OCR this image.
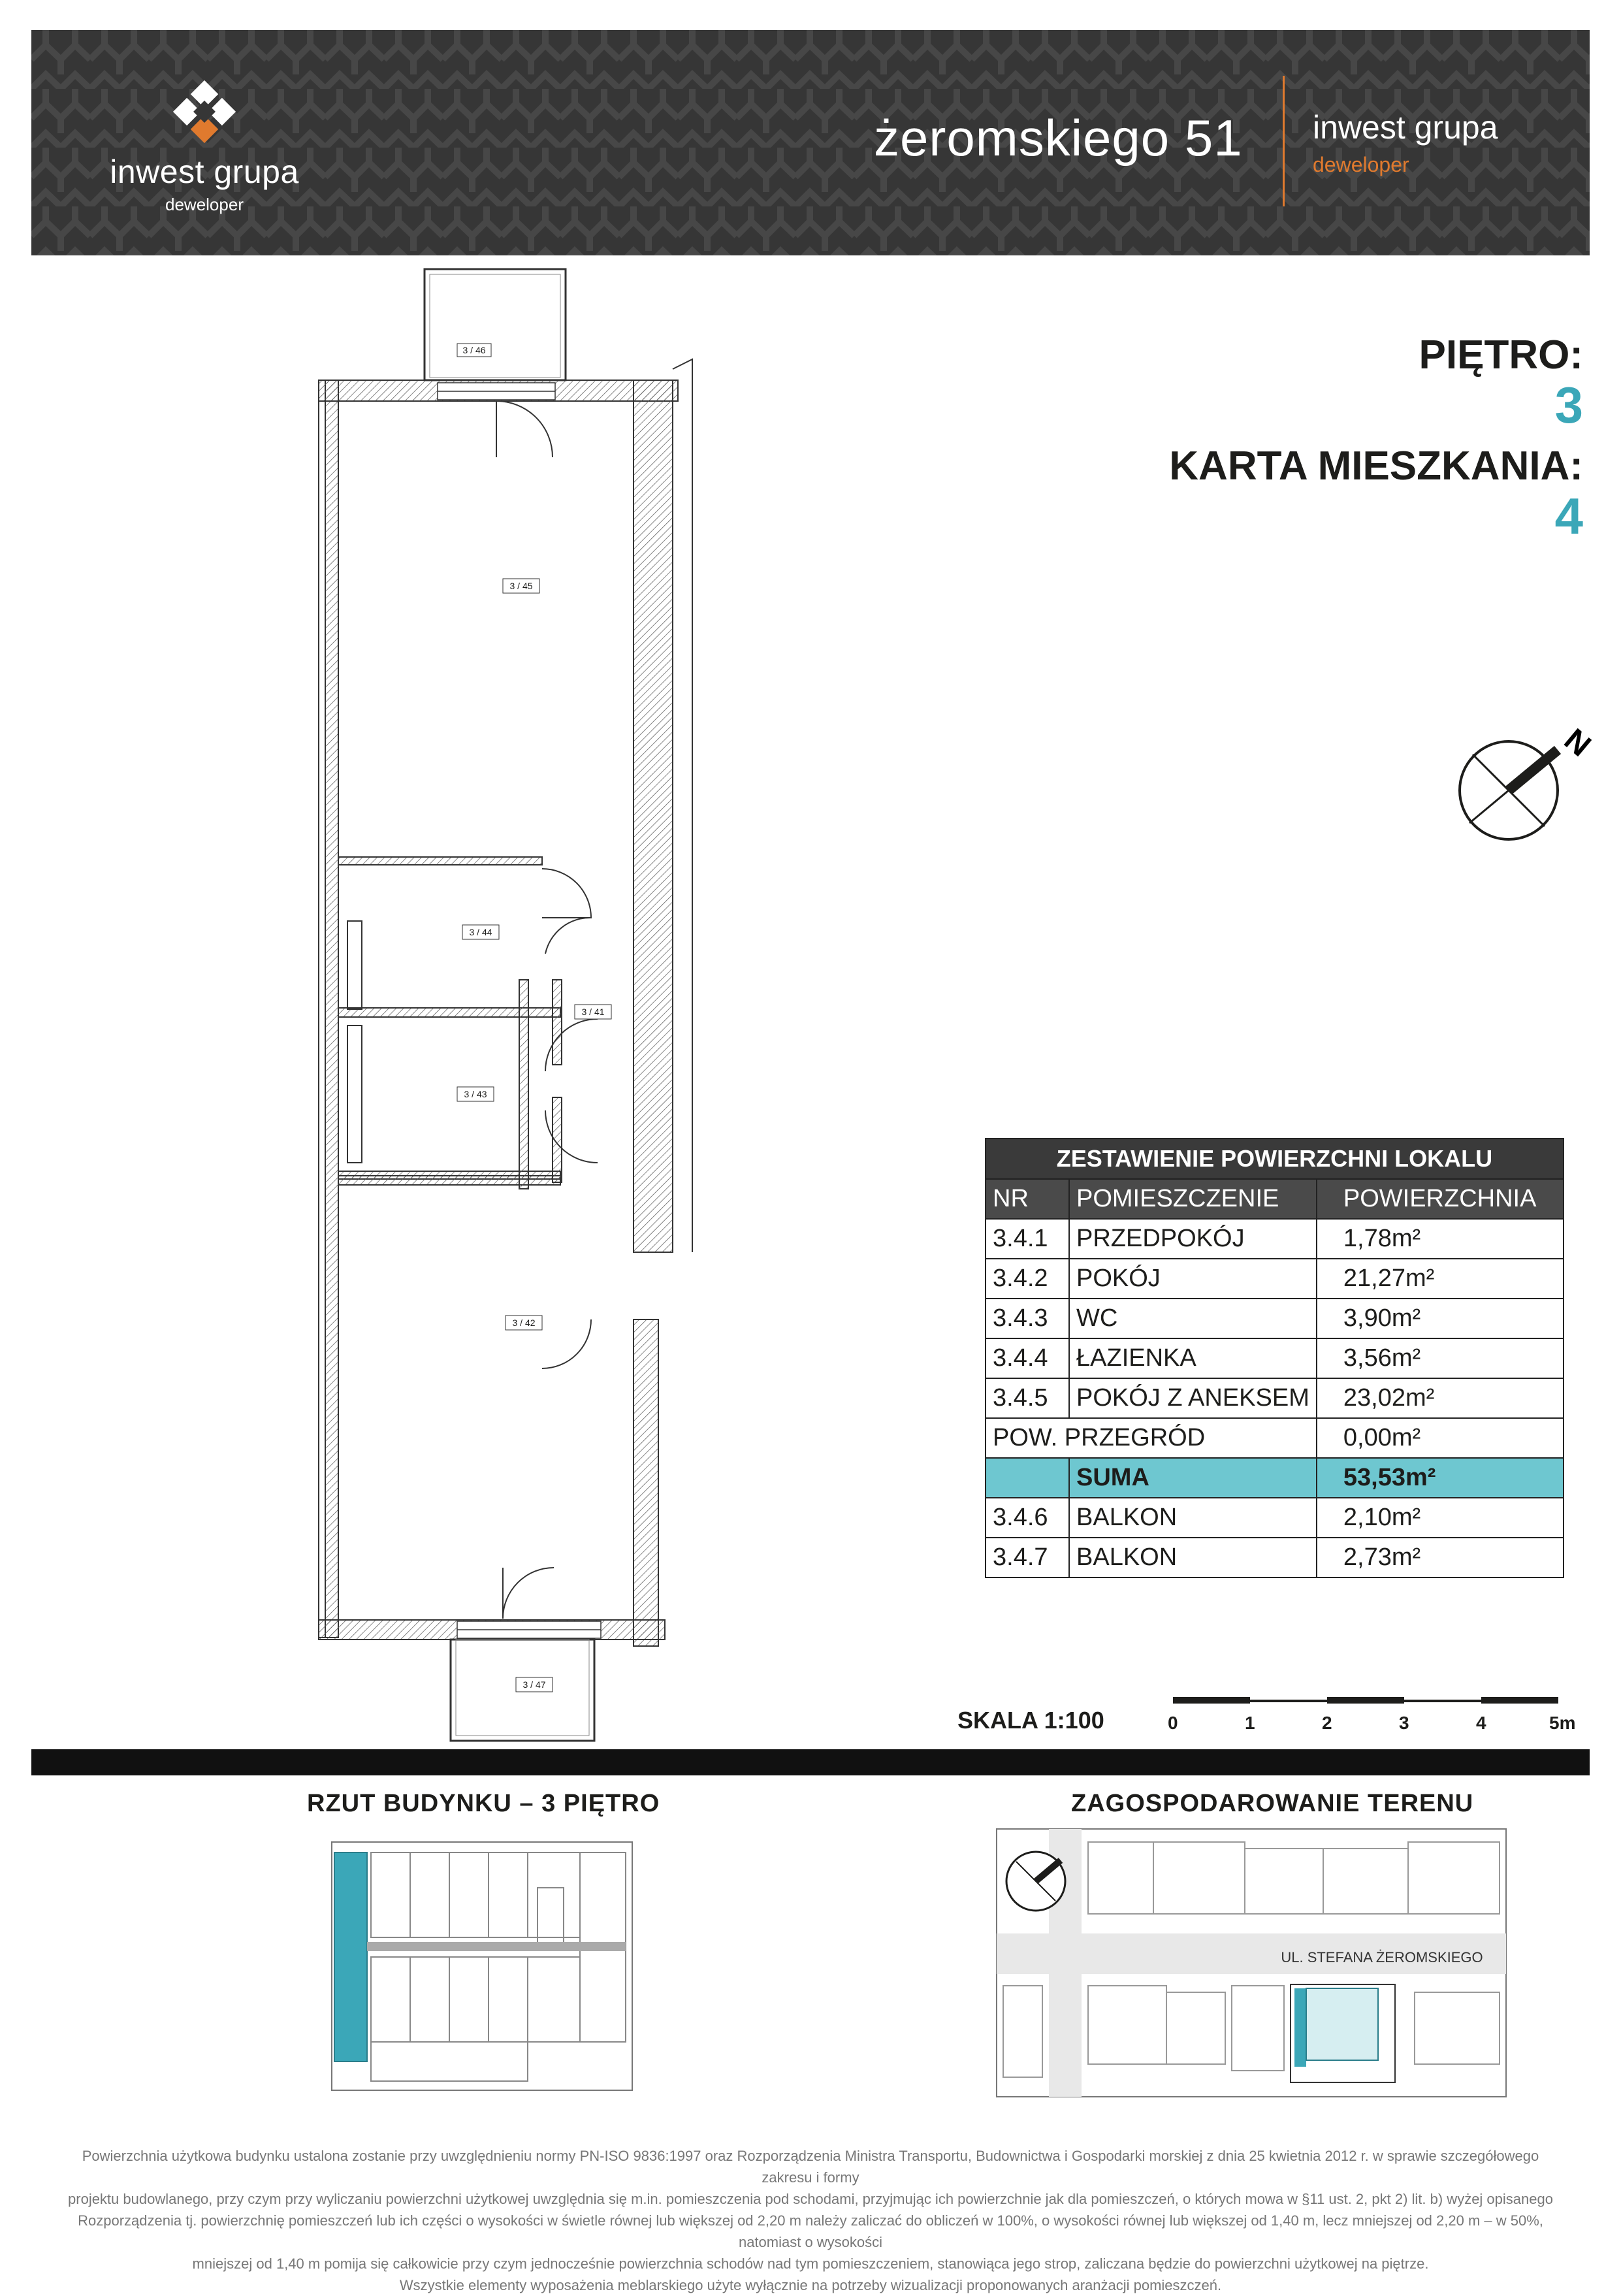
inwest grupa
deweloper
żeromskiego 51 inwest grupa
deweloper
PIĘTRO:
3
KARTA MIESZKANIA:
4
N
3 / 46
3 / 45
3 / 44
3 / 41
3 / 43
3 / 42
3 / 47
ZESTAWIENIE POWIERZCHNI LOKALU		
NR	POMIESZCZENIE	POWIERZCHNIA
3.4.1	PRZEDPOKÓJ	1,78m²
3.4.2	POKÓJ	21,27m²
3.4.3	WC	3,90m²
3.4.4	ŁAZIENKA	3,56m²
3.4.5	POKÓJ Z ANEKSEM	23,02m²
POW. PRZEGRÓD		0,00m²
	SUMA	53,53m²
3.4.6	BALKON	2,10m²
3.4.7	BALKON	2,73m²
SKALA 1:100	0	1	2	3	4	5m
RZUT BUDYNKU – 3 PIĘTRO	ZAGOSPODAROWANIE TERENU
UL. STEFANA ŻEROMSKIEGO
Powierzchnia użytkowa budynku ustalona zostanie przy uwzględnieniu normy PN-ISO 9836:1997 oraz Rozporządzenia Ministra Transportu, Budownictwa i Gospodarki morskiej z dnia 25 kwietnia 2012 r. w sprawie szczegółowego zakresu i formy
projektu budowlanego, przy czym przy wyliczaniu powierzchni użytkowej uwzględnia się m.in. pomieszczenia pod schodami, przyjmując ich powierzchnie jak dla pomieszczeń, o których mowa w §11 ust. 2, pkt 2) lit. b) wyżej opisanego
Rozporządzenia tj. powierzchnię pomieszczeń lub ich części o wysokości w świetle równej lub większej od 2,20 m należy zaliczać do obliczeń w 100%, o wysokości równej lub większej od 1,40 m, lecz mniejszej od 2,20 m – w 50%, natomiast o wysokości
mniejszej od 1,40 m pomija się całkowicie przy czym jednocześnie powierzchnia schodów nad tym pomieszczeniem, stanowiąca jego strop, zaliczana będzie do powierzchni użytkowej na piętrze.
Wszystkie elementy wyposażenia meblarskiego użyte wyłącznie na potrzeby wizualizacji proponowanych aranżacji pomieszczeń.
